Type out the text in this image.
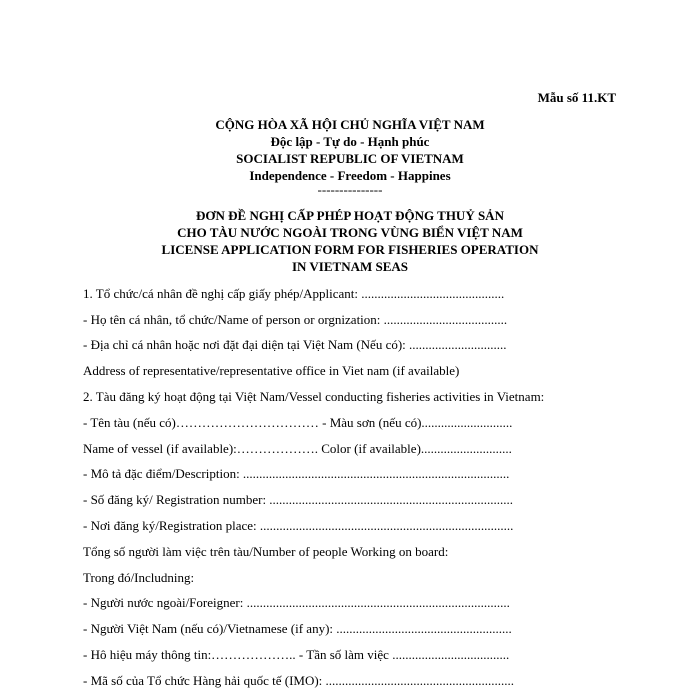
Mẫu số 11.KT
CỘNG HÒA XÃ HỘI CHỦ NGHĨA VIỆT NAM
Độc lập - Tự do - Hạnh phúc
SOCIALIST REPUBLIC OF VIETNAM
Independence - Freedom - Happines
---------------
ĐƠN ĐỀ NGHỊ CẤP PHÉP HOẠT ĐỘNG THUỶ SẢN
CHO TÀU NƯỚC NGOÀI TRONG VÙNG BIỂN VIỆT NAM
LICENSE APPLICATION FORM FOR FISHERIES OPERATION
IN VIETNAM SEAS
1. Tổ chức/cá nhân đề nghị cấp giấy phép/Applicant: ............................................
- Họ tên cá nhân, tổ chức/Name of person or orgnization: ......................................
- Địa chỉ cá nhân hoặc nơi đặt đại diện tại Việt Nam (Nếu có): ..............................
Address of representative/representative office in Viet nam (if available)
2. Tàu đăng ký hoạt động tại Việt Nam/Vessel conducting fisheries activities in Vietnam:
- Tên tàu (nếu có)…………………………… - Màu sơn (nếu có)............................
Name of vessel (if available):………………. Color (if available)............................
- Mô tả đặc điểm/Description: ..................................................................................
- Số đăng ký/ Registration number: ...........................................................................
- Nơi đăng ký/Registration place: ..............................................................................
Tổng số người làm việc trên tàu/Number of people Working on board:
Trong đó/Includning:
- Người nước ngoài/Foreigner: .................................................................................
- Người Việt Nam (nếu có)/Vietnamese (if any): ......................................................
- Hô hiệu máy thông tin:……………….. - Tần số làm việc ....................................
- Mã số của Tổ chức Hàng hải quốc tế (IMO): ..........................................................
